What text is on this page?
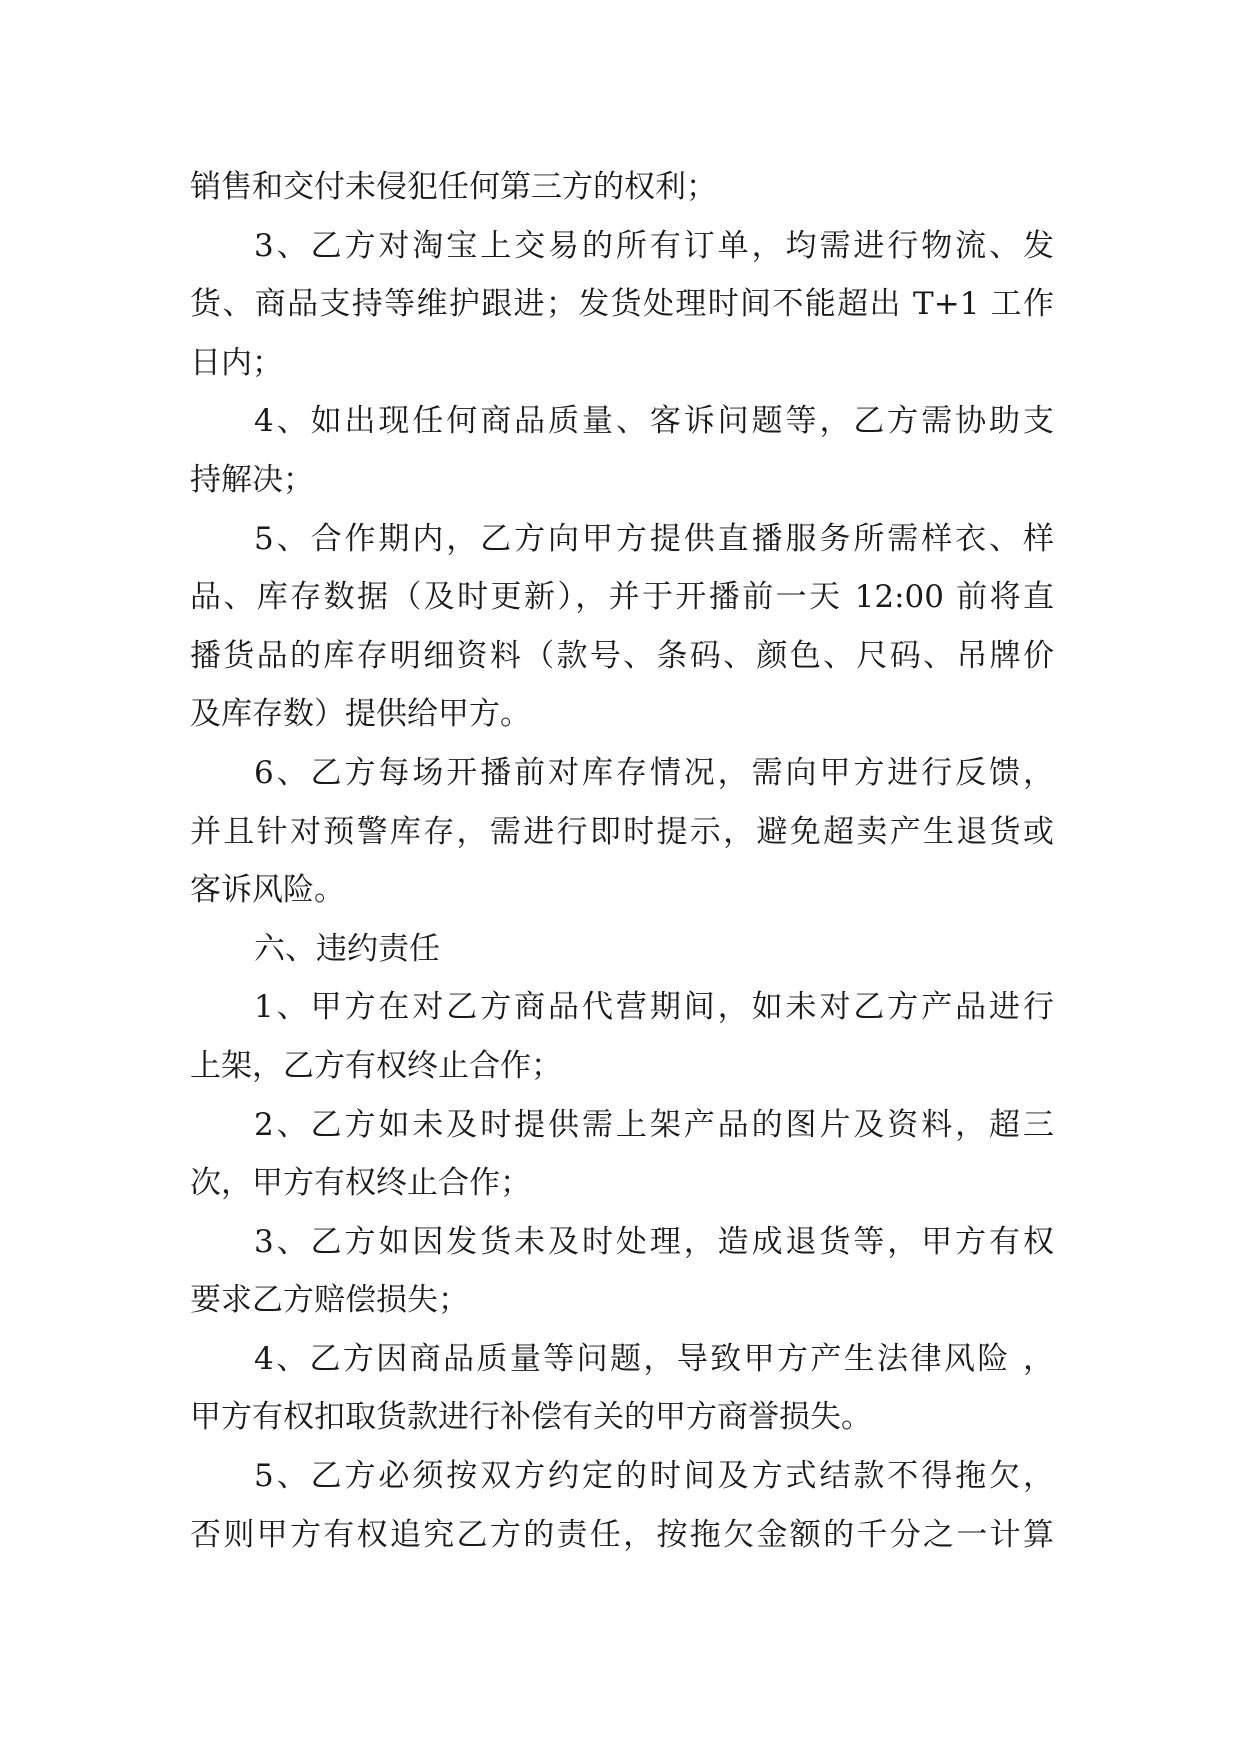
销售和交付未侵犯任何第三方的权利；
3、乙方对淘宝上交易的所有订单，均需进行物流、发
货、商品支持等维护跟进；发货处理时间不能超出 T+1 工作
日内；
4、如出现任何商品质量、客诉问题等，乙方需协助支
持解决；
5、合作期内，乙方向甲方提供直播服务所需样衣、样
品、库存数据（及时更新），并于开播前一天 12:00 前将直
播货品的库存明细资料（款号、条码、颜色、尺码、吊牌价
及库存数）提供给甲方。
6、乙方每场开播前对库存情况，需向甲方进行反馈，
并且针对预警库存，需进行即时提示，避免超卖产生退货或
客诉风险。
六、违约责任
1、甲方在对乙方商品代营期间，如未对乙方产品进行
上架，乙方有权终止合作；
2、乙方如未及时提供需上架产品的图片及资料，超三
次，甲方有权终止合作；
3、乙方如因发货未及时处理，造成退货等，甲方有权
要求乙方赔偿损失；
4、乙方因商品质量等问题，导致甲方产生法律风险 ，
甲方有权扣取货款进行补偿有关的甲方商誉损失。
5、乙方必须按双方约定的时间及方式结款不得拖欠，
否则甲方有权追究乙方的责任，按拖欠金额的千分之一计算
